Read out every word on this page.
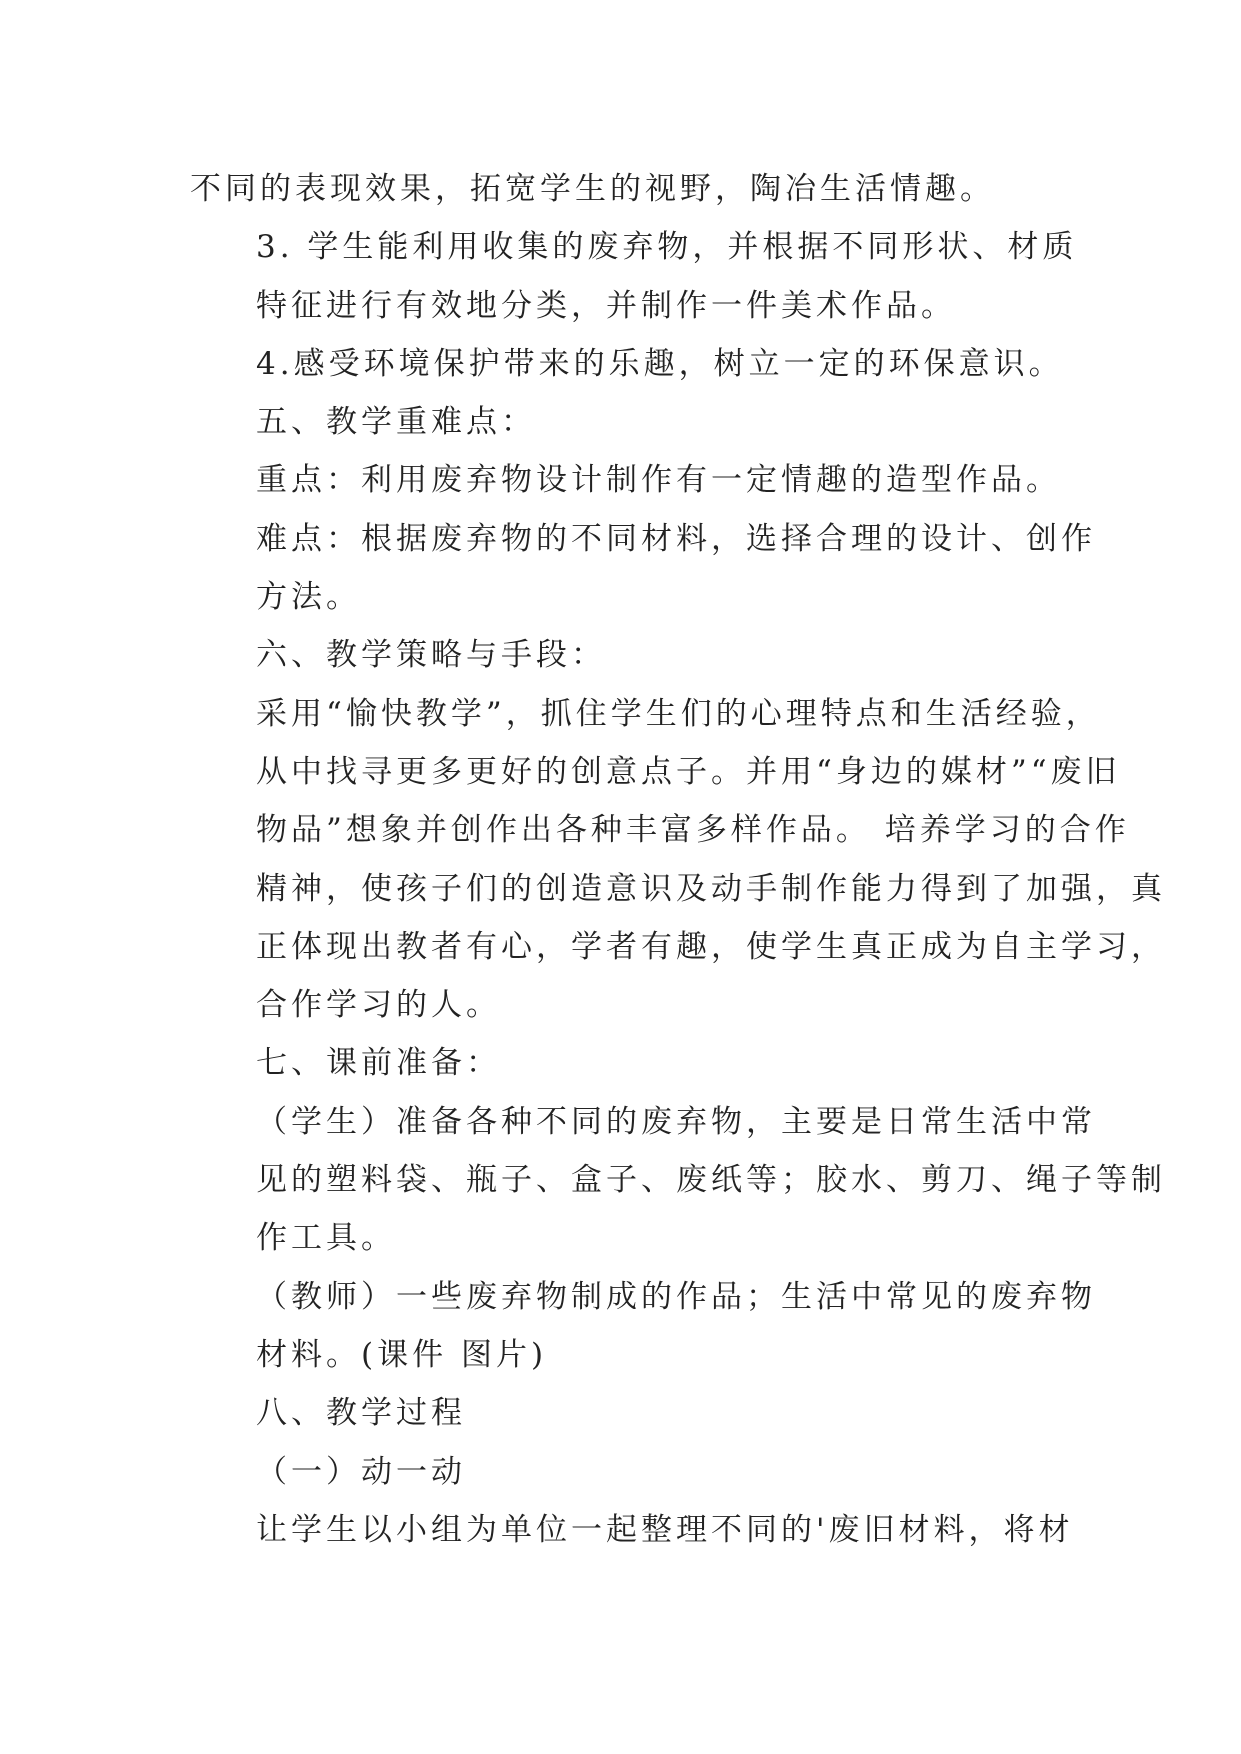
不同的表现效果，拓宽学生的视野，陶冶生活情趣。

3. 学生能利用收集的废弃物，并根据不同形状、材质
特征进行有效地分类，并制作一件美术作品。

4.感受环境保护带来的乐趣，树立一定的环保意识。

五、教学重难点：

重点：利用废弃物设计制作有一定情趣的造型作品。

难点：根据废弃物的不同材料，选择合理的设计、创作
方法。

六、教学策略与手段：

采用“愉快教学”，抓住学生们的心理特点和生活经验，
从中找寻更多更好的创意点子。并用“身边的媒材”“废旧
物品”想象并创作出各种丰富多样作品。 培养学习的合作
精神，使孩子们的创造意识及动手制作能力得到了加强，真
正体现出教者有心，学者有趣，使学生真正成为自主学习，
合作学习的人。

七、课前准备：

（学生）准备各种不同的废弃物，主要是日常生活中常
见的塑料袋、瓶子、盒子、废纸等；胶水、剪刀、绳子等制
作工具。

（教师）一些废弃物制成的作品；生活中常见的废弃物
材料。(课件 图片)

八、教学过程

（一）动一动

让学生以小组为单位一起整理不同的'废旧材料，将材
